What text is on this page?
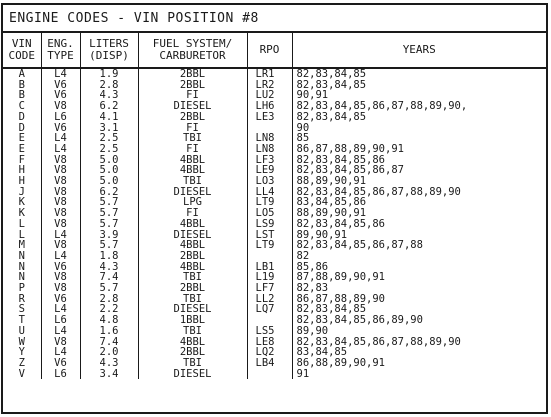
ENGINE CODES - VIN POSITION #8
VIN
CODE	ENG.
TYPE	LITERS
(DISP)	FUEL SYSTEM/
CARBURETOR	RPO	YEARS

A	L4	1.9	2BBL	LR1	82,83,84,85
B	V6	2.8	2BBL	LR2	82,83,84,85
B	V6	4.3	FI	LU2	90,91
C	V8	6.2	DIESEL	LH6	82,83,84,85,86,87,88,89,90,
D	L6	4.1	2BBL	LE3	82,83,84,85
D	V6	3.1	FI		90
E	L4	2.5	TBI	LN8	85
E	L4	2.5	FI	LN8	86,87,88,89,90,91
F	V8	5.0	4BBL	LF3	82,83,84,85,86
H	V8	5.0	4BBL	LE9	82,83,84,85,86,87
H	V8	5.0	TBI	LO3	88,89,90,91
J	V8	6.2	DIESEL	LL4	82,83,84,85,86,87,88,89,90
K	V8	5.7	LPG	LT9	83,84,85,86
K	V8	5.7	FI	LO5	88,89,90,91
L	V8	5.7	4BBL	LS9	82,83,84,85,86
L	L4	3.9	DIESEL	LST	89,90,91
M	V8	5.7	4BBL	LT9	82,83,84,85,86,87,88
N	L4	1.8	2BBL		82
N	V6	4.3	4BBL	LB1	85,86
N	V8	7.4	TBI	L19	87,88,89,90,91
P	V8	5.7	2BBL	LF7	82,83
R	V6	2.8	TBI	LL2	86,87,88,89,90
S	L4	2.2	DIESEL	LQ7	82,83,84,85
T	L6	4.8	1BBL		82,83,84,85,86,89,90
U	L4	1.6	TBI	LS5	89,90
W	V8	7.4	4BBL	LE8	82,83,84,85,86,87,88,89,90
Y	L4	2.0	2BBL	LQ2	83,84,85
Z	V6	4.3	TBI	LB4	86,88,89,90,91
V	L6	3.4	DIESEL		91
